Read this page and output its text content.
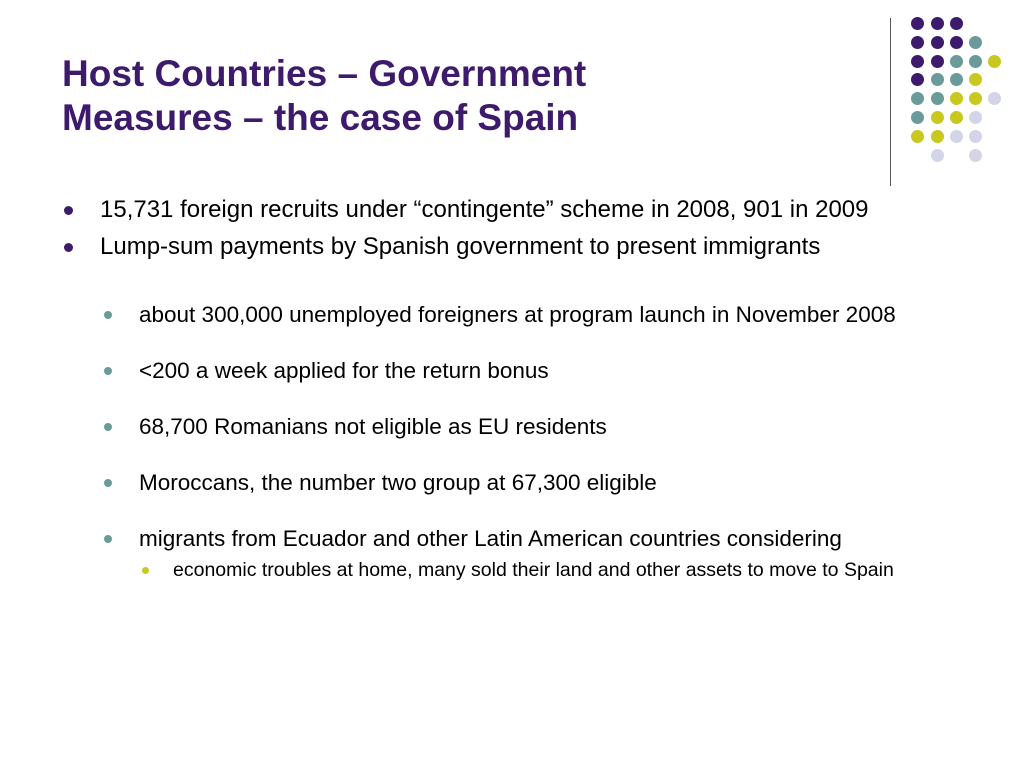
Host Countries – Government
Measures – the case of Spain
15,731 foreign recruits under “contingente” scheme in 2008, 901 in 2009
Lump-sum payments by Spanish government to present immigrants
about 300,000 unemployed foreigners at program launch in November 2008
<200 a week applied for the return bonus
68,700 Romanians not eligible as EU residents
Moroccans, the number two group at 67,300 eligible
migrants from Ecuador and other Latin American countries considering
economic troubles at home, many sold their land and other assets to move to Spain
